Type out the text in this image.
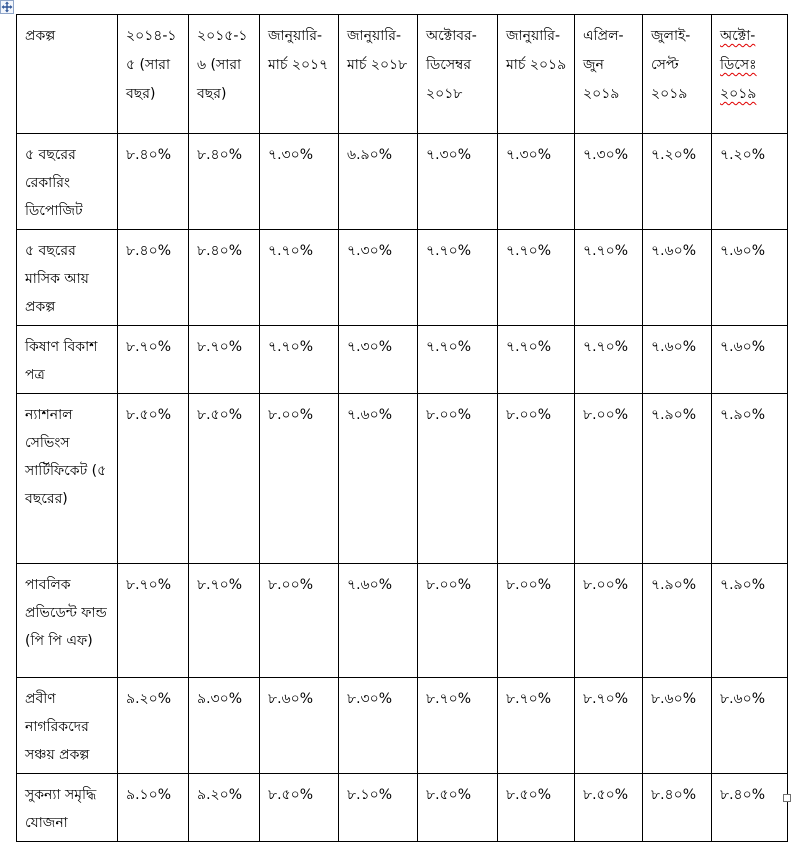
প্রকল্প	২০১৪-১৫ (সারা বছর)	২০১৫-১৬ (সারা বছর)	জানুয়ারি-মার্চ ২০১৭	জানুয়ারি-মার্চ ২০১৮	অক্টোবর-ডিসেম্বর ২০১৮	জানুয়ারি-মার্চ ২০১৯	এপ্রিল-জুন ২০১৯	জুলাই-সেপ্ট ২০১৯	অক্টো-ডিসেঃ ২০১৯
৫ বছরের রেকারিং ডিপোজিট	৮.৪০%	৮.৪০%	৭.৩০%	৬.৯০%	৭.৩০%	৭.৩০%	৭.৩০%	৭.২০%	৭.২০%
৫ বছরের মাসিক আয় প্রকল্প	৮.৪০%	৮.৪০%	৭.৭০%	৭.৩০%	৭.৭০%	৭.৭০%	৭.৭০%	৭.৬০%	৭.৬০%
কিষাণ বিকাশ পত্র	৮.৭০%	৮.৭০%	৭.৭০%	৭.৩০%	৭.৭০%	৭.৭০%	৭.৭০%	৭.৬০%	৭.৬০%
ন্যাশনাল সেভিংস সার্টিফিকেট (৫ বছরের)	৮.৫০%	৮.৫০%	৮.০০%	৭.৬০%	৮.০০%	৮.০০%	৮.০০%	৭.৯০%	৭.৯০%
পাবলিক প্রভিডেন্ট ফান্ড (পি পি এফ)	৮.৭০%	৮.৭০%	৮.০০%	৭.৬০%	৮.০০%	৮.০০%	৮.০০%	৭.৯০%	৭.৯০%
প্রবীণ নাগরিকদের সঞ্চয় প্রকল্প	৯.২০%	৯.৩০%	৮.৬০%	৮.৩০%	৮.৭০%	৮.৭০%	৮.৭০%	৮.৬০%	৮.৬০%
সুকন্যা সমৃদ্ধি যোজনা	৯.১০%	৯.২০%	৮.৫০%	৮.১০%	৮.৫০%	৮.৫০%	৮.৫০%	৮.৪০%	৮.৪০%
